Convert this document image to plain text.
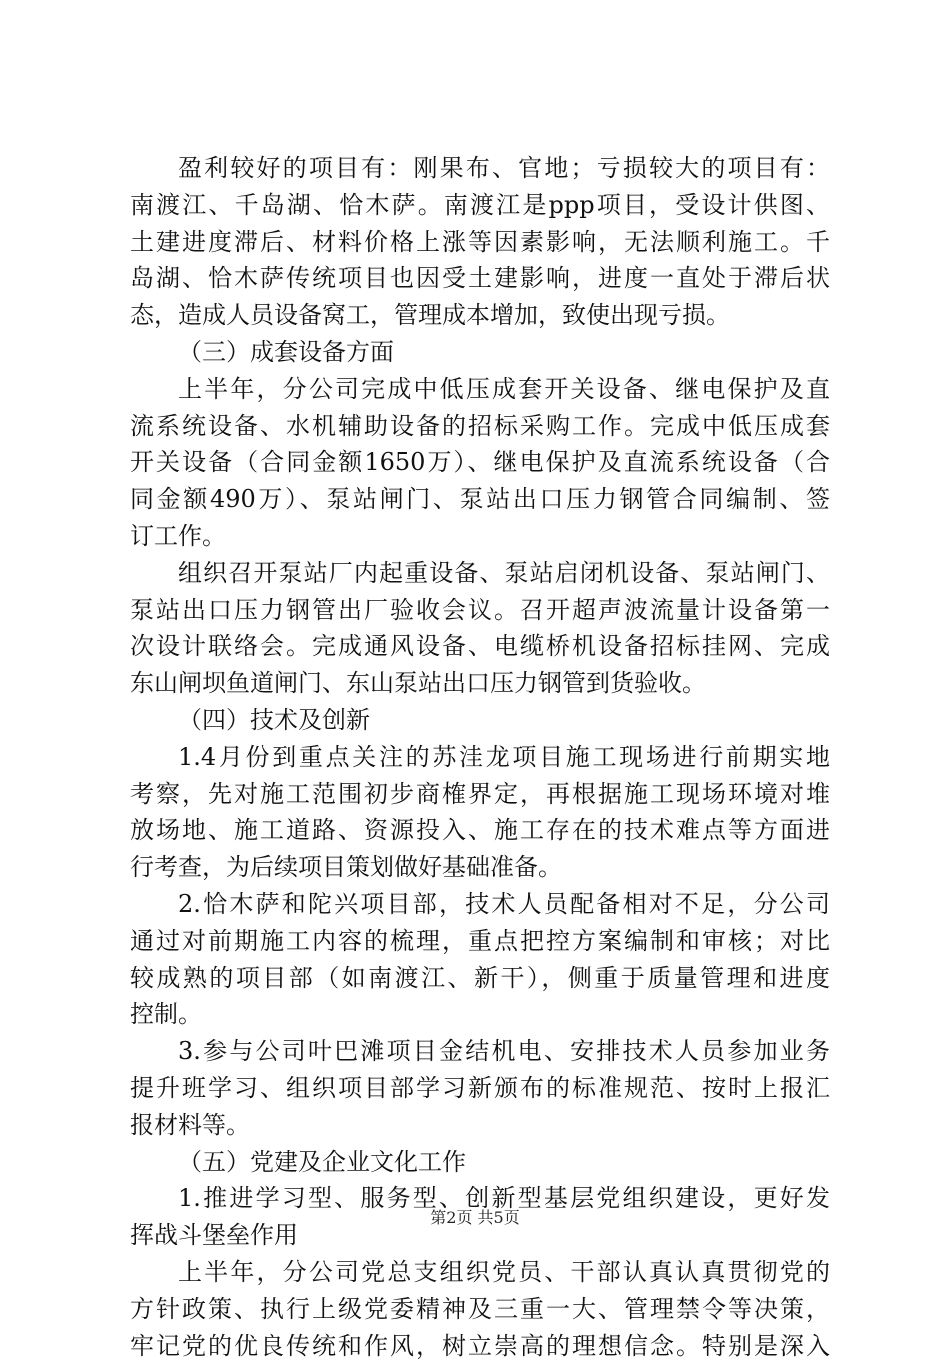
盈利较好的项目有：刚果布、官地；亏损较大的项目有：
南渡江、千岛湖、恰木萨。南渡江是ppp项目，受设计供图、
土建进度滞后、材料价格上涨等因素影响，无法顺利施工。千
岛湖、恰木萨传统项目也因受土建影响，进度一直处于滞后状
态，造成人员设备窝工，管理成本增加，致使出现亏损。
（三）成套设备方面
上半年，分公司完成中低压成套开关设备、继电保护及直
流系统设备、水机辅助设备的招标采购工作。完成中低压成套
开关设备（合同金额1650万）、继电保护及直流系统设备（合
同金额490万）、泵站闸门、泵站出口压力钢管合同编制、签
订工作。
组织召开泵站厂内起重设备、泵站启闭机设备、泵站闸门、
泵站出口压力钢管出厂验收会议。召开超声波流量计设备第一
次设计联络会。完成通风设备、电缆桥机设备招标挂网、完成
东山闸坝鱼道闸门、东山泵站出口压力钢管到货验收。
（四）技术及创新
1.4月份到重点关注的苏洼龙项目施工现场进行前期实地
考察，先对施工范围初步商榷界定，再根据施工现场环境对堆
放场地、施工道路、资源投入、施工存在的技术难点等方面进
行考查，为后续项目策划做好基础准备。
2.恰木萨和陀兴项目部，技术人员配备相对不足，分公司
通过对前期施工内容的梳理，重点把控方案编制和审核；对比
较成熟的项目部（如南渡江、新干），侧重于质量管理和进度
控制。
3.参与公司叶巴滩项目金结机电、安排技术人员参加业务
提升班学习、组织项目部学习新颁布的标准规范、按时上报汇
报材料等。
（五）党建及企业文化工作
1.推进学习型、服务型、创新型基层党组织建设，更好发
挥战斗堡垒作用
上半年，分公司党总支组织党员、干部认真认真贯彻党的
方针政策、执行上级党委精神及三重一大、管理禁令等决策，
牢记党的优良传统和作风，树立崇高的理想信念。特别是深入
第2页 共5页
